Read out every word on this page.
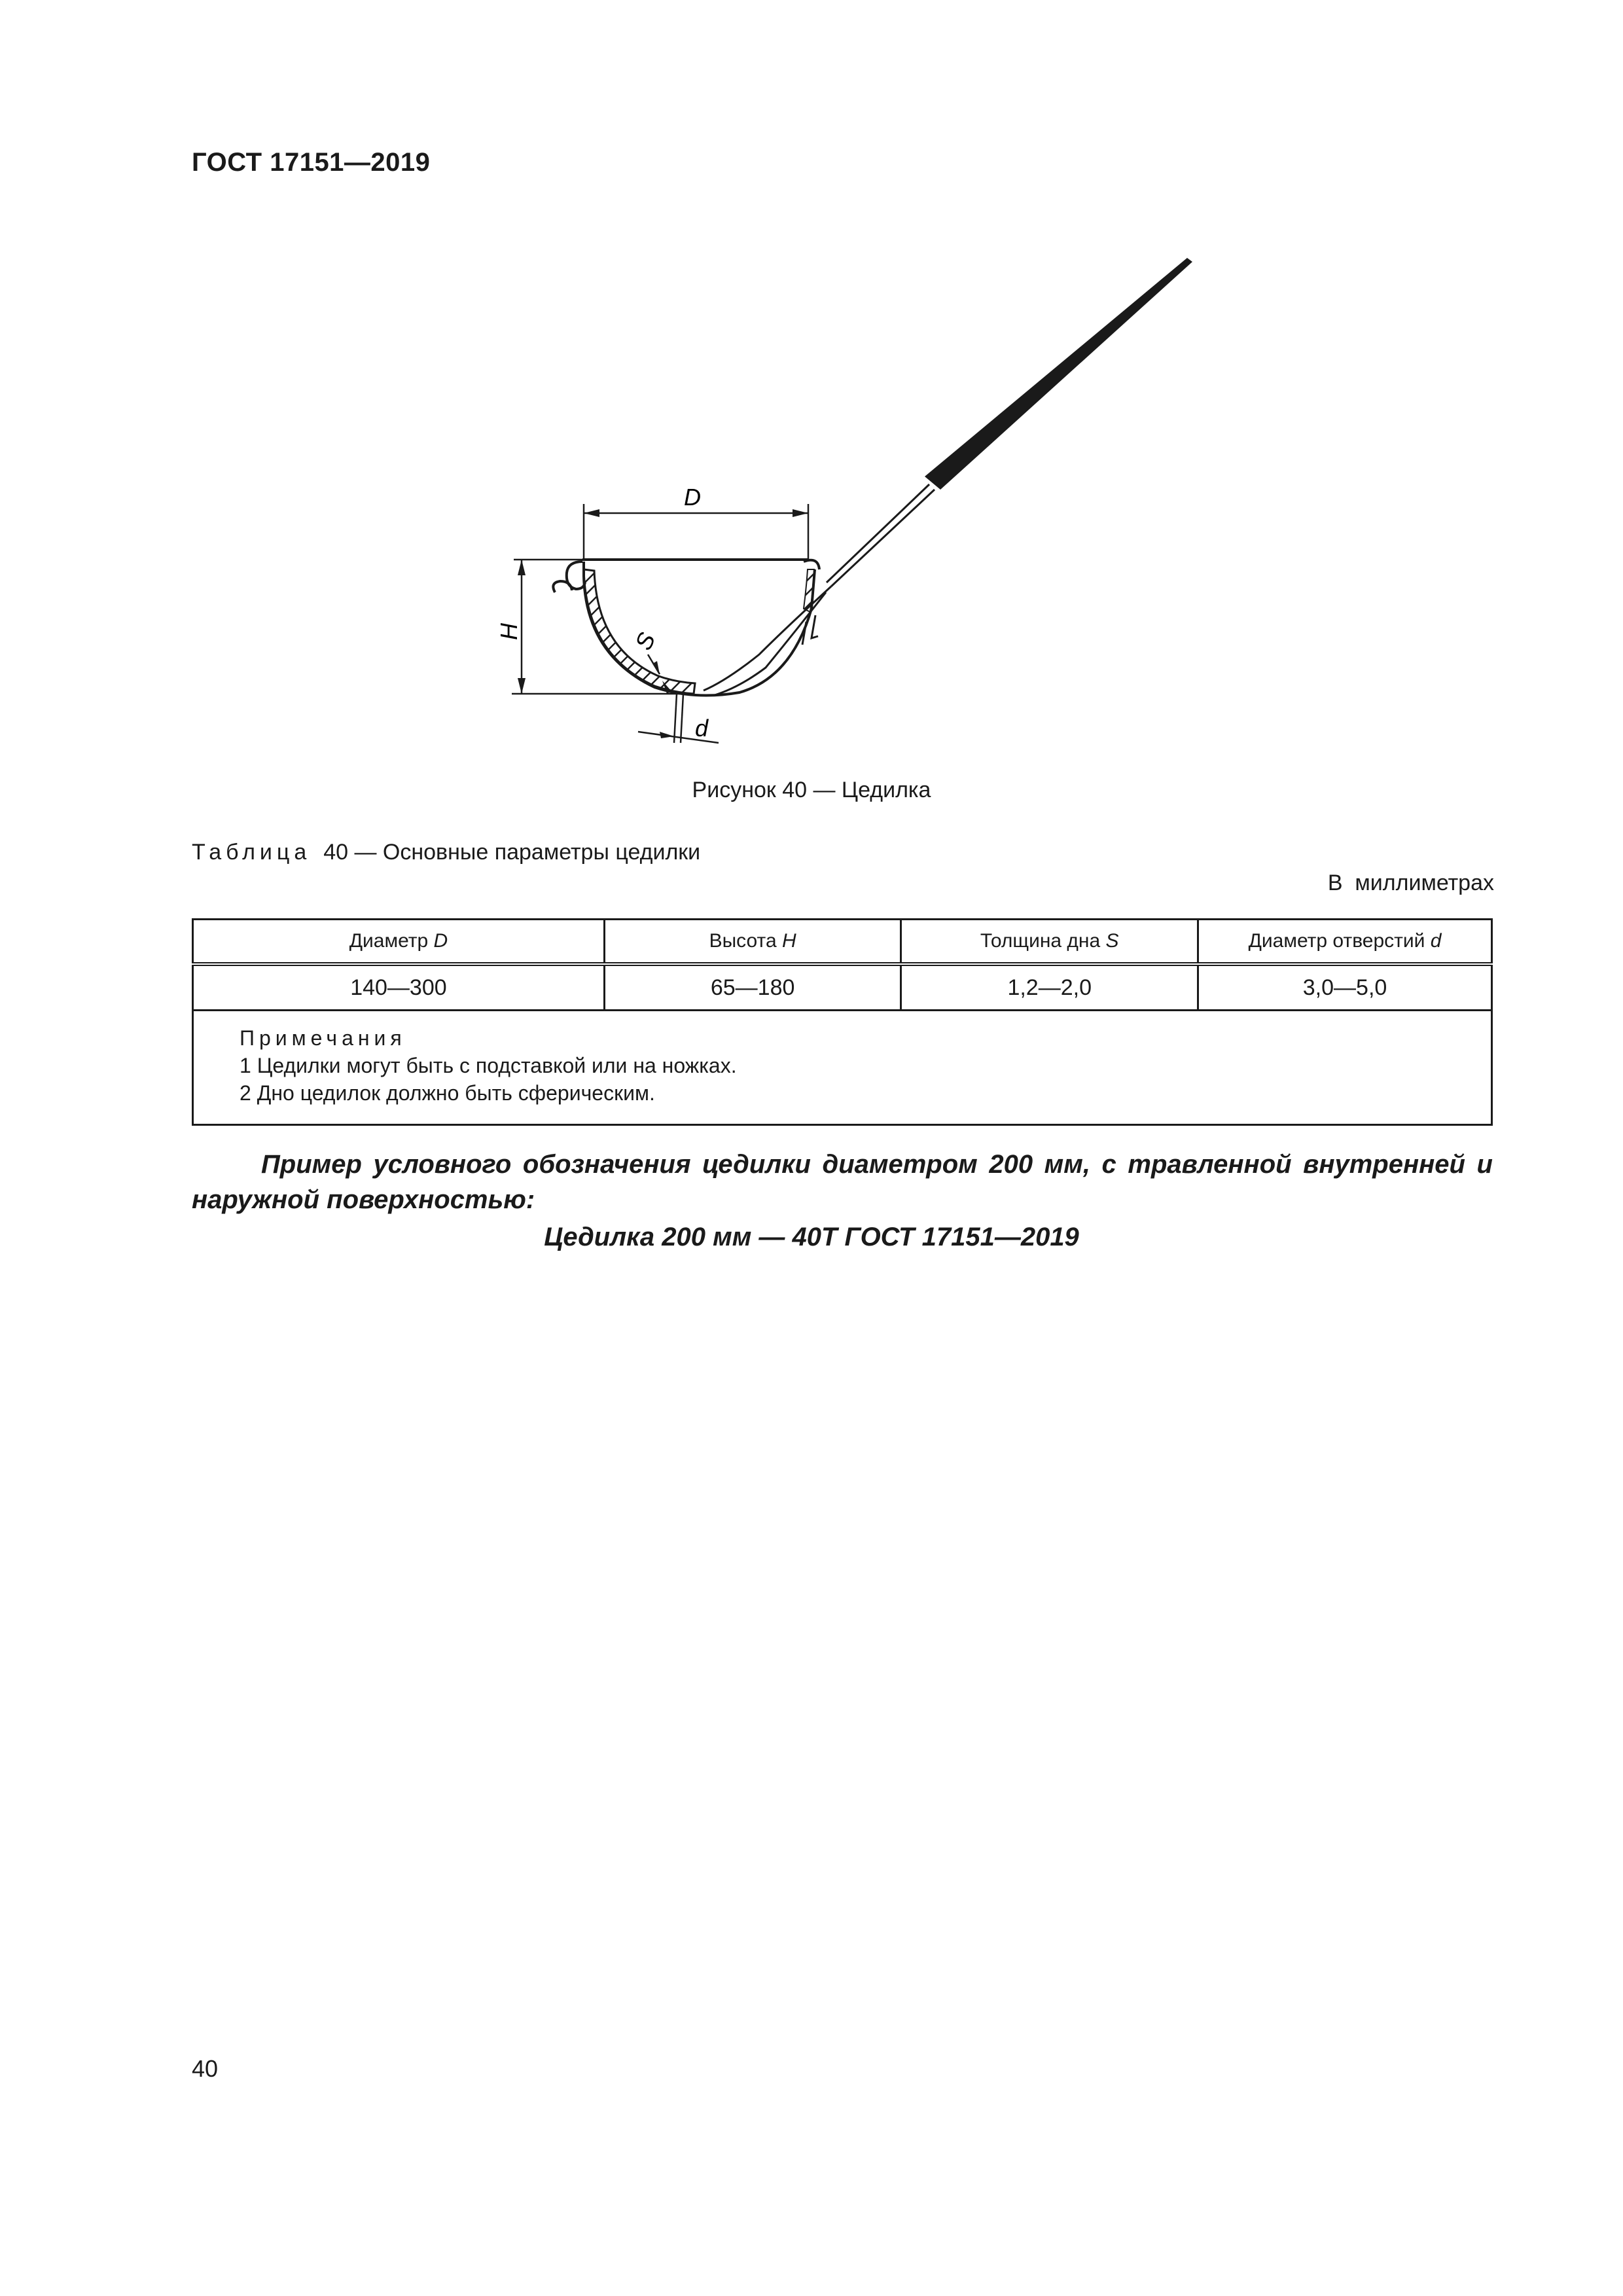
ГОСТ 17151—2019
D
H	S
d
Рисунок 40 — Цедилка
Таблица 40 — Основные параметры цедилки
В миллиметрах
Диаметр D	Высота H	Толщина дна S	Диаметр отверстий d
140—300	65—180	1,2—2,0	3,0—5,0

Примечания
1 Цедилки могут быть с подставкой или на ножках.
2 Дно цедилок должно быть сферическим.			
Пример условного обозначения цедилки диаметром 200 мм, с травленной внутренней и наружной поверхностью:
Цедилка 200 мм — 40Т ГОСТ 17151—2019
40
